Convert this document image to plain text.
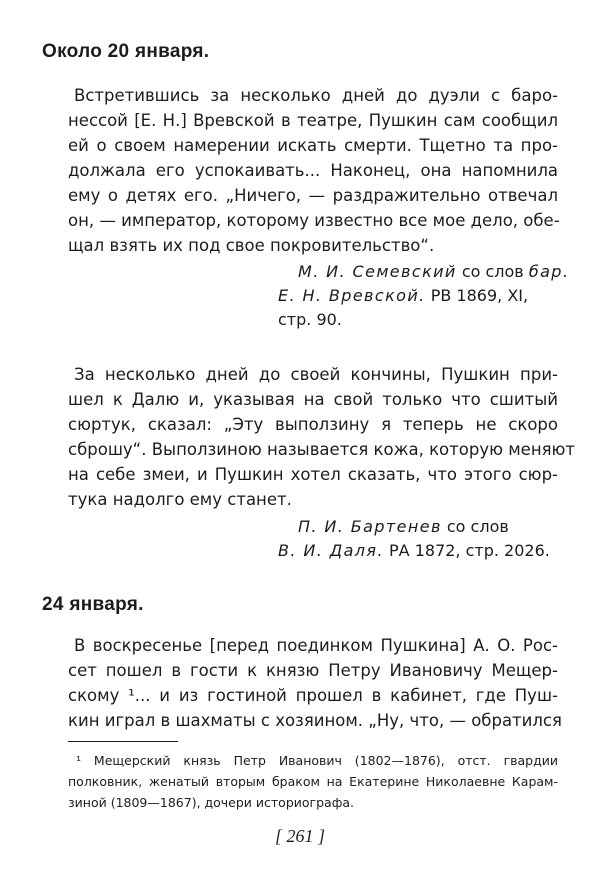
Около 20 января.
Встретившись за несколько дней до дуэли с баро-
нессой [Е. Н.] Вревской в театре, Пушкин сам сообщил
ей о своем намерении искать смерти. Тщетно та про-
должала его успокаивать... Наконец, она напомнила
ему о детях его. „Ничего, — раздражительно отвечал
он, — император, которому известно все мое дело, обе-
щал взять их под свое покровительство“.
М. И. Семевский со слов бар.
Е. Н. Вревской. РВ 1869, XI,
стр. 90.
За несколько дней до своей кончины, Пушкин при-
шел к Далю и, указывая на свой только что сшитый
сюртук, сказал: „Эту выползину я теперь не скоро
сброшу“. Выползиною называется кожа, которую меняют
на себе змеи, и Пушкин хотел сказать, что этого сюр-
тука надолго ему станет.
П. И. Бартенев со слов
В. И. Даля. РА 1872, стр. 2026.
24 января.
В воскресенье [перед поединком Пушкина] А. О. Рос-
сет пошел в гости к князю Петру Ивановичу Мещер-
скому ¹... и из гостиной прошел в кабинет, где Пуш-
кин играл в шахматы с хозяином. „Ну, что, — обратился
¹ Мещерский князь Петр Иванович (1802—1876), отст. гвардии
полковник, женатый вторым браком на Екатерине Николаевне Карам-
зиной (1809—1867), дочери историографа.
[ 261 ]
